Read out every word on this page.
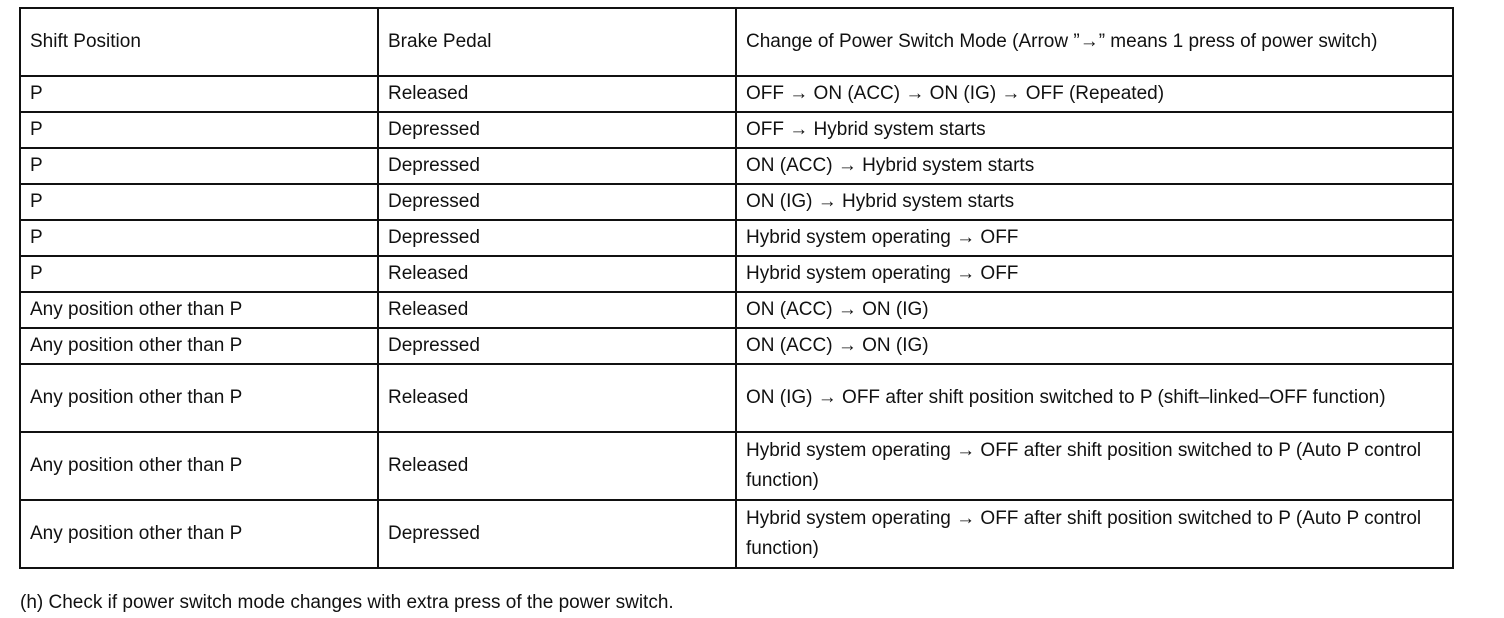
Shift Position	Brake Pedal	Change of Power Switch Mode (Arrow ”→” means 1 press of power switch)
P	Released	OFF → ON (ACC) → ON (IG) → OFF (Repeated)
P	Depressed	OFF → Hybrid system starts
P	Depressed	ON (ACC) → Hybrid system starts
P	Depressed	ON (IG) → Hybrid system starts
P	Depressed	Hybrid system operating → OFF
P	Released	Hybrid system operating → OFF
Any position other than P	Released	ON (ACC) → ON (IG)
Any position other than P	Depressed	ON (ACC) → ON (IG)
Any position other than P	Released	ON (IG) → OFF after shift position switched to P (shift–linked–OFF function)
Any position other than P	Released	Hybrid system operating → OFF after shift position switched to P (Auto P control function)
Any position other than P	Depressed	Hybrid system operating → OFF after shift position switched to P (Auto P control function)
(h) Check if power switch mode changes with extra press of the power switch.
